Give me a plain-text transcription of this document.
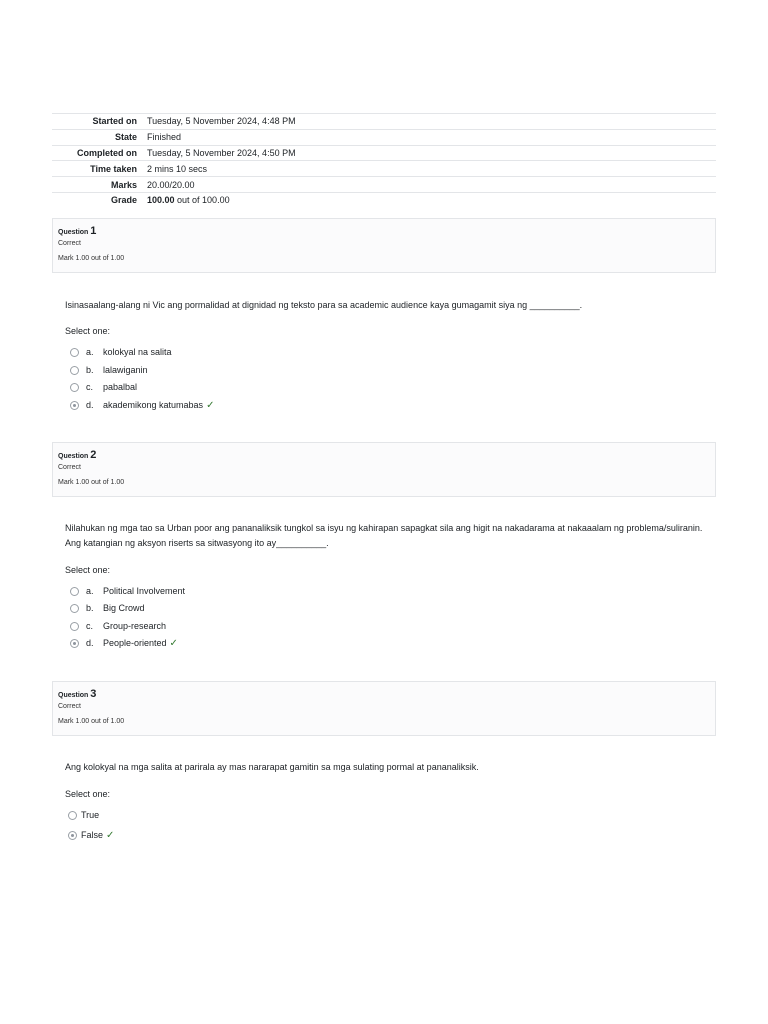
Started on	Tuesday, 5 November 2024, 4:48 PM
State	Finished
Completed on	Tuesday, 5 November 2024, 4:50 PM
Time taken	2 mins 10 secs
Marks	20.00/20.00
Grade	100.00 out of 100.00
Question 1
Correct
Mark 1.00 out of 1.00
Isinasaalang-alang ni Vic ang pormalidad at dignidad ng teksto para sa academic audience kaya gumagamit siya ng __________.
Select one:
a.	kolokyal na salita
b.	lalawiganin
c.	pabalbal
d.	akademikong katumabas ✓
Question 2
Correct
Mark 1.00 out of 1.00
Nilahukan ng mga tao sa Urban poor ang pananaliksik tungkol sa isyu ng kahirapan sapagkat sila ang higit na nakadarama at nakaaalam ng problema/suliranin. Ang katangian ng aksyon riserts sa sitwasyong ito ay__________.
Select one:
a.	Political Involvement
b.	Big Crowd
c.	Group-research
d.	People-oriented ✓
Question 3
Correct
Mark 1.00 out of 1.00
Ang kolokyal na mga salita at parirala ay mas nararapat gamitin sa mga sulating pormal at pananaliksik.
Select one:
True
False ✓
